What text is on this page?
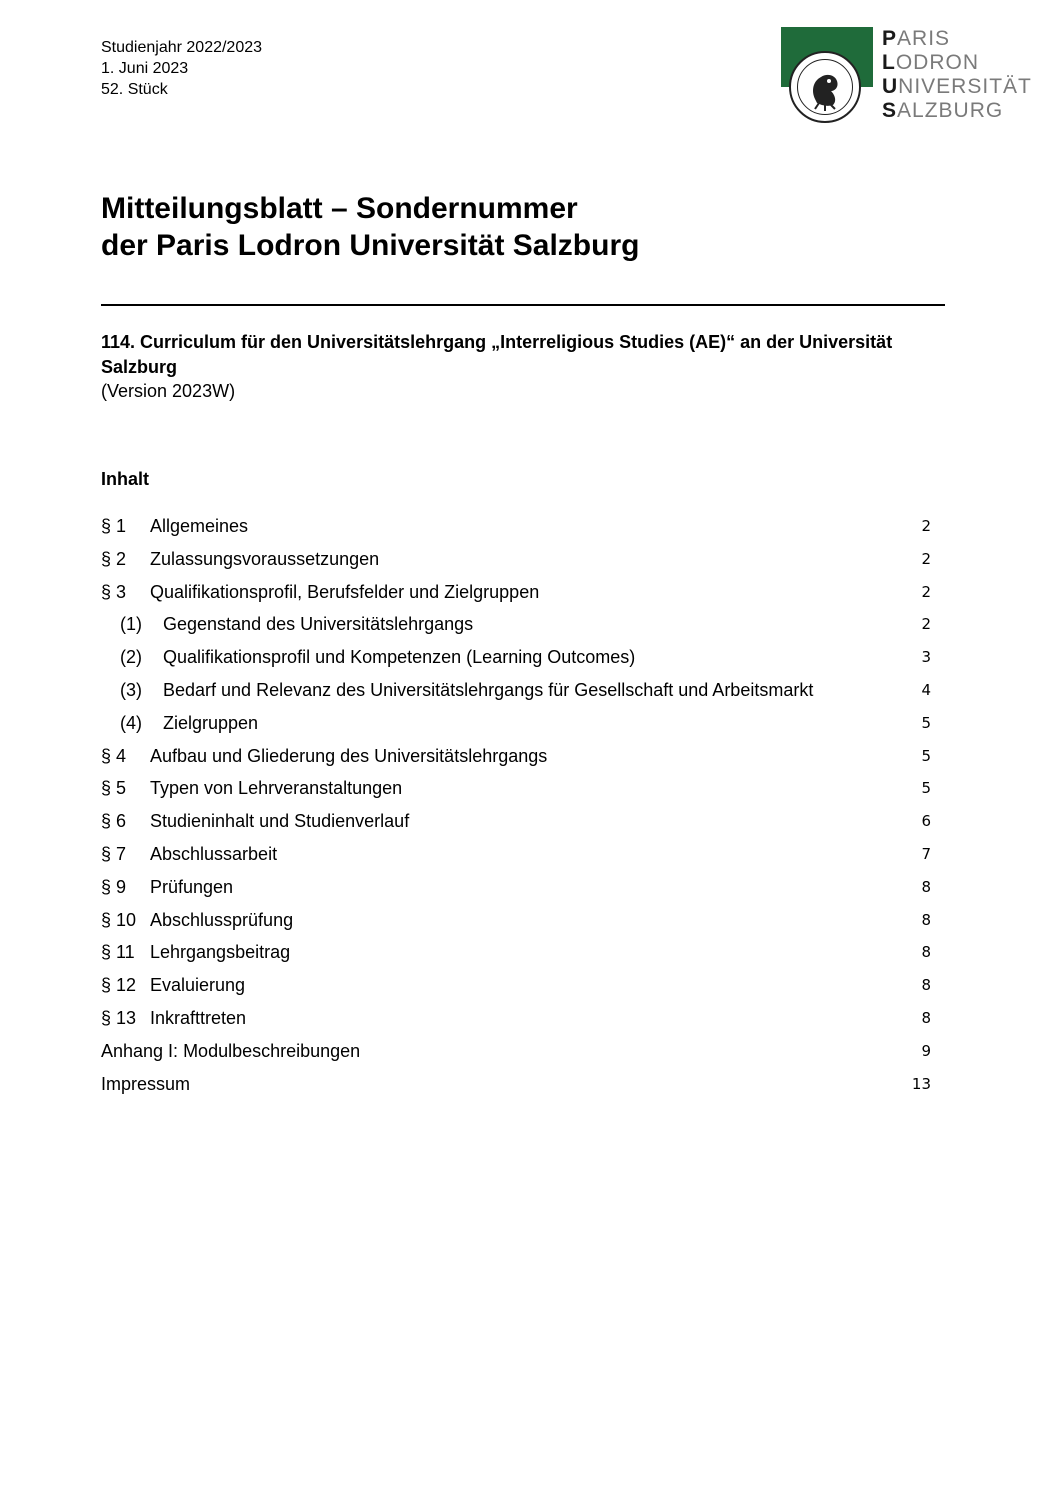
Studienjahr 2022/2023
1. Juni 2023
52. Stück
PARIS
LODRON
UNIVERSITÄT
SALZBURG
Mitteilungsblatt – Sondernummer
der Paris Lodron Universität Salzburg
114. Curriculum für den Universitätslehrgang „Interreligious Studies (AE)“ an der Universität Salzburg
(Version 2023W)
Inhalt
§ 1 Allgemeines	2
§ 2 Zulassungsvoraussetzungen	2
§ 3 Qualifikationsprofil, Berufsfelder und Zielgruppen	2
(1) Gegenstand des Universitätslehrgangs	2
(2) Qualifikationsprofil und Kompetenzen (Learning Outcomes)	3
(3) Bedarf und Relevanz des Universitätslehrgangs für Gesellschaft und Arbeitsmarkt	4
(4) Zielgruppen	5
§ 4 Aufbau und Gliederung des Universitätslehrgangs	5
§ 5 Typen von Lehrveranstaltungen	5
§ 6 Studieninhalt und Studienverlauf	6
§ 7 Abschlussarbeit	7
§ 9 Prüfungen	8
§ 10 Abschlussprüfung	8
§ 11 Lehrgangsbeitrag	8
§ 12 Evaluierung	8
§ 13 Inkrafttreten	8
Anhang I: Modulbeschreibungen	9
Impressum	13
